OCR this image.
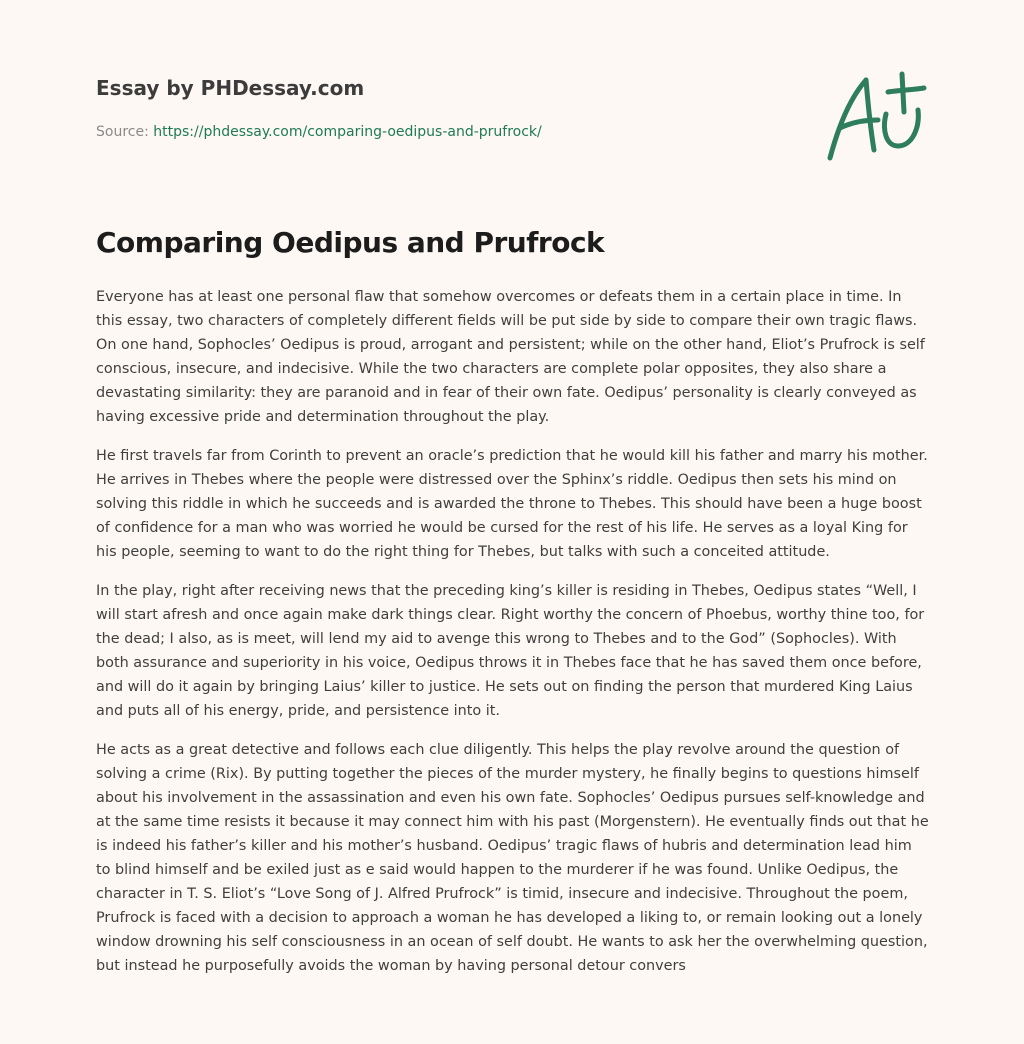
Essay by PHDessay.com
Source: https://phdessay.com/comparing-oedipus-and-prufrock/
Comparing Oedipus and Prufrock

Everyone has at least one personal flaw that somehow overcomes or defeats them in a certain place in time. In this essay, two characters of completely different fields will be put side by side to compare their own tragic flaws. On one hand, Sophocles’ Oedipus is proud, arrogant and persistent; while on the other hand, Eliot’s Prufrock is self conscious, insecure, and indecisive. While the two characters are complete polar opposites, they also share a devastating similarity: they are paranoid and in fear of their own fate. Oedipus’ personality is clearly conveyed as having excessive pride and determination throughout the play.

He first travels far from Corinth to prevent an oracle’s prediction that he would kill his father and marry his mother. He arrives in Thebes where the people were distressed over the Sphinx’s riddle. Oedipus then sets his mind on solving this riddle in which he succeeds and is awarded the throne to Thebes. This should have been a huge boost of confidence for a man who was worried he would be cursed for the rest of his life. He serves as a loyal King for his people, seeming to want to do the right thing for Thebes, but talks with such a conceited attitude.

In the play, right after receiving news that the preceding king’s killer is residing in Thebes, Oedipus states “Well, I will start afresh and once again make dark things clear. Right worthy the concern of Phoebus, worthy thine too, for the dead; I also, as is meet, will lend my aid to avenge this wrong to Thebes and to the God” (Sophocles). With both assurance and superiority in his voice, Oedipus throws it in Thebes face that he has saved them once before, and will do it again by bringing Laius’ killer to justice. He sets out on finding the person that murdered King Laius and puts all of his energy, pride, and persistence into it.

He acts as a great detective and follows each clue diligently. This helps the play revolve around the question of solving a crime (Rix). By putting together the pieces of the murder mystery, he finally begins to questions himself about his involvement in the assassination and even his own fate. Sophocles’ Oedipus pursues self-knowledge and at the same time resists it because it may connect him with his past (Morgenstern). He eventually finds out that he is indeed his father’s killer and his mother’s husband. Oedipus’ tragic flaws of hubris and determination lead him to blind himself and be exiled just as e said would happen to the murderer if he was found. Unlike Oedipus, the character in T. S. Eliot’s “Love Song of J. Alfred Prufrock” is timid, insecure and indecisive. Throughout the poem, Prufrock is faced with a decision to approach a woman he has developed a liking to, or remain looking out a lonely window drowning his self consciousness in an ocean of self doubt. He wants to ask her the overwhelming question, but instead he purposefully avoids the woman by having personal detour convers
